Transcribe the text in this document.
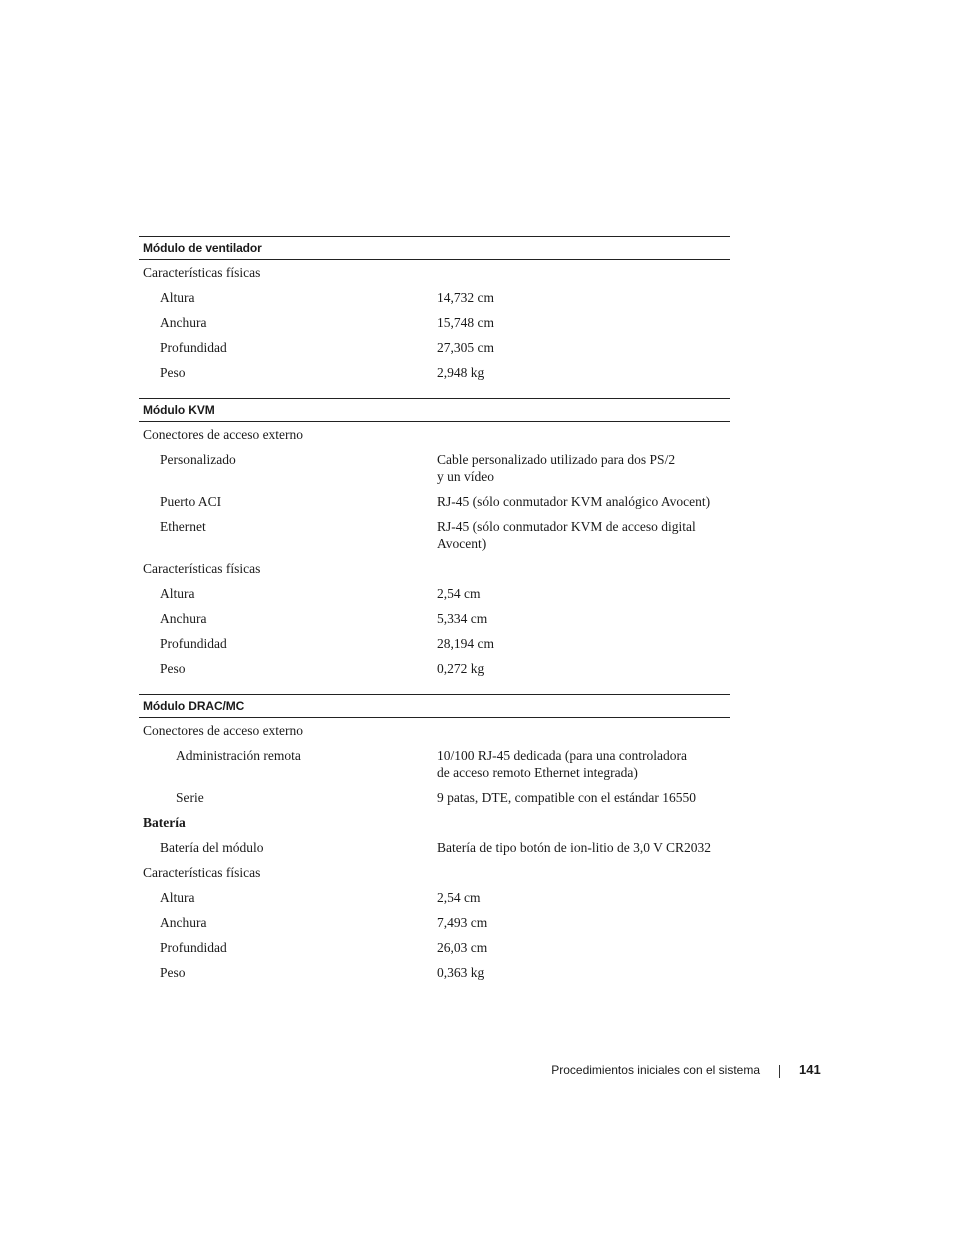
Módulo de ventilador
Características físicas
Altura	14,732 cm
Anchura	15,748 cm
Profundidad	27,305 cm
Peso	2,948 kg
Módulo KVM
Conectores de acceso externo
Personalizado	Cable personalizado utilizado para dos PS/2
y un vídeo
Puerto ACI	RJ-45 (sólo conmutador KVM analógico Avocent)
Ethernet	RJ-45 (sólo conmutador KVM de acceso digital
Avocent)
Características físicas
Altura	2,54 cm
Anchura	5,334 cm
Profundidad	28,194 cm
Peso	0,272 kg
Módulo DRAC/MC
Conectores de acceso externo
Administración remota	10/100 RJ-45 dedicada (para una controladora
de acceso remoto Ethernet integrada)
Serie	9 patas, DTE, compatible con el estándar 16550
Batería
Batería del módulo	Batería de tipo botón de ion-litio de 3,0 V CR2032
Características físicas
Altura	2,54 cm
Anchura	7,493 cm
Profundidad	26,03 cm
Peso	0,363 kg
Procedimientos iniciales con el sistema	141
